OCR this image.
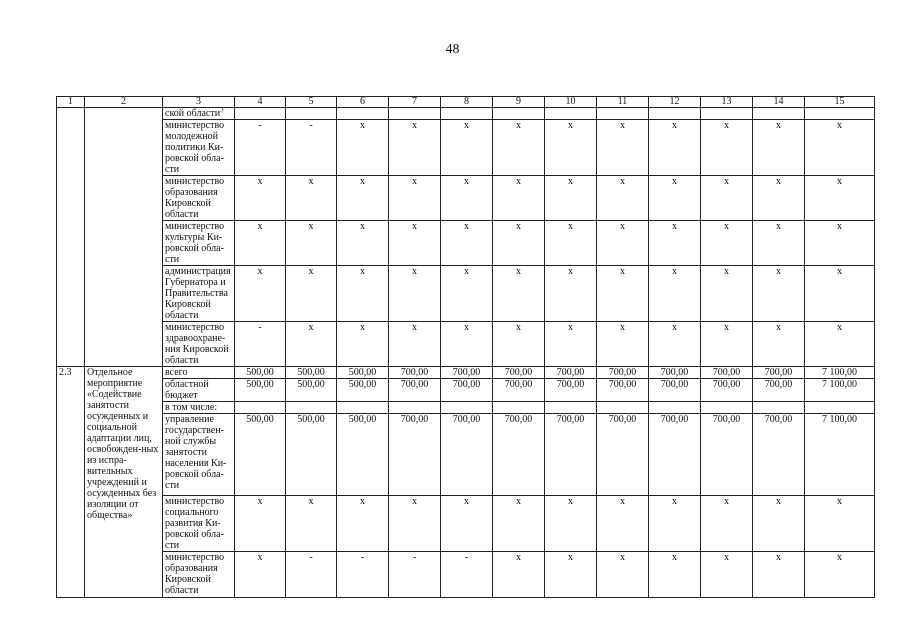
48
1	2	3	4	5	6	7	8	9	10	11	12	13	14	15
		ской области$^3$												
		министерство молодежной политики Ки-ровской обла-сти	-	-	x	x	x	x	x	x	x	x	x	x
		министерство образования Кировской области	x	x	x	x	x	x	x	x	x	x	x	x
		министерство культуры Ки-ровской обла-сти	x	x	x	x	x	x	x	x	x	x	x	x
		администрация Губернатора и Правительства Кировской области	x	x	x	x	x	x	x	x	x	x	x	x
		министерство здравоохране-ния Кировской области	-	x	x	x	x	x	x	x	x	x	x	x
2.3	Отдельное мероприятие «Содействие занятости осужденных и социальной адаптации лиц, освобожден-ных из испра-вительных учреждений и осужденных без изоляции от общества»	всего	500,00	500,00	500,00	700,00	700,00	700,00	700,00	700,00	700,00	700,00	700,00	7 100,00
		областной бюджет	500,00	500,00	500,00	700,00	700,00	700,00	700,00	700,00	700,00	700,00	700,00	7 100,00
		в том числе:												
		управление государствен-ной службы занятости населения Ки-ровской обла-сти	500,00	500,00	500,00	700,00	700,00	700,00	700,00	700,00	700,00	700,00	700,00	7 100,00
		министерство социального развития Ки-ровской обла-сти	x	x	x	x	x	x	x	x	x	x	x	x
		министерство образования Кировской области	x	-	-	-	-	x	x	x	x	x	x	x
